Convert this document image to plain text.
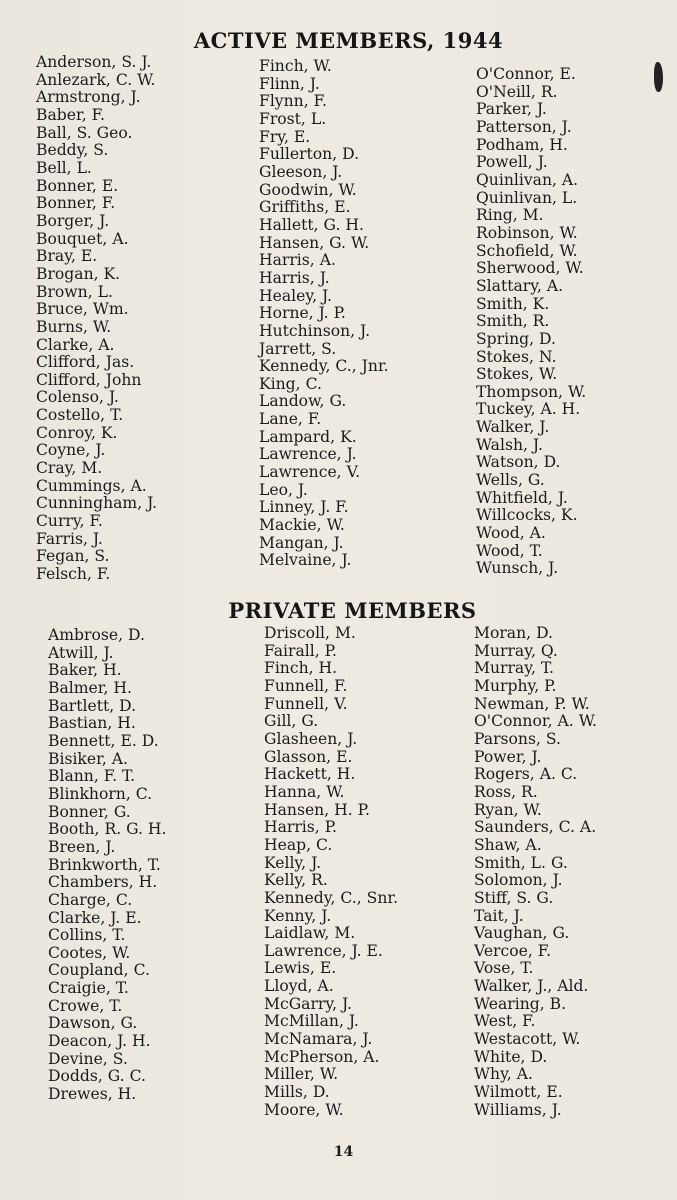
ACTIVE MEMBERS, 1944
Anderson, S. J.
Anlezark, C. W.
Armstrong, J.
Baber, F.
Ball, S. Geo.
Beddy, S.
Bell, L.
Bonner, E.
Bonner, F.
Borger, J.
Bouquet, A.
Bray, E.
Brogan, K.
Brown, L.
Bruce, Wm.
Burns, W.
Clarke, A.
Clifford, Jas.
Clifford, John
Colenso, J.
Costello, T.
Conroy, K.
Coyne, J.
Cray, M.
Cummings, A.
Cunningham, J.
Curry, F.
Farris, J.
Fegan, S.
Felsch, F.
Finch, W.
Flinn, J.
Flynn, F.
Frost, L.
Fry, E.
Fullerton, D.
Gleeson, J.
Goodwin, W.
Griffiths, E.
Hallett, G. H.
Hansen, G. W.
Harris, A.
Harris, J.
Healey, J.
Horne, J. P.
Hutchinson, J.
Jarrett, S.
Kennedy, C., Jnr.
King, C.
Landow, G.
Lane, F.
Lampard, K.
Lawrence, J.
Lawrence, V.
Leo, J.
Linney, J. F.
Mackie, W.
Mangan, J.
Melvaine, J.
O'Connor, E.
O'Neill, R.
Parker, J.
Patterson, J.
Podham, H.
Powell, J.
Quinlivan, A.
Quinlivan, L.
Ring, M.
Robinson, W.
Schofield, W.
Sherwood, W.
Slattary, A.
Smith, K.
Smith, R.
Spring, D.
Stokes, N.
Stokes, W.
Thompson, W.
Tuckey, A. H.
Walker, J.
Walsh, J.
Watson, D.
Wells, G.
Whitfield, J.
Willcocks, K.
Wood, A.
Wood, T.
Wunsch, J.
PRIVATE MEMBERS
Ambrose, D.
Atwill, J.
Baker, H.
Balmer, H.
Bartlett, D.
Bastian, H.
Bennett, E. D.
Bisiker, A.
Blann, F. T.
Blinkhorn, C.
Bonner, G.
Booth, R. G. H.
Breen, J.
Brinkworth, T.
Chambers, H.
Charge, C.
Clarke, J. E.
Collins, T.
Cootes, W.
Coupland, C.
Craigie, T.
Crowe, T.
Dawson, G.
Deacon, J. H.
Devine, S.
Dodds, G. C.
Drewes, H.
Driscoll, M.
Fairall, P.
Finch, H.
Funnell, F.
Funnell, V.
Gill, G.
Glasheen, J.
Glasson, E.
Hackett, H.
Hanna, W.
Hansen, H. P.
Harris, P.
Heap, C.
Kelly, J.
Kelly, R.
Kennedy, C., Snr.
Kenny, J.
Laidlaw, M.
Lawrence, J. E.
Lewis, E.
Lloyd, A.
McGarry, J.
McMillan, J.
McNamara, J.
McPherson, A.
Miller, W.
Mills, D.
Moore, W.
Moran, D.
Murray, Q.
Murray, T.
Murphy, P.
Newman, P. W.
O'Connor, A. W.
Parsons, S.
Power, J.
Rogers, A. C.
Ross, R.
Ryan, W.
Saunders, C. A.
Shaw, A.
Smith, L. G.
Solomon, J.
Stiff, S. G.
Tait, J.
Vaughan, G.
Vercoe, F.
Vose, T.
Walker, J., Ald.
Wearing, B.
West, F.
Westacott, W.
White, D.
Why, A.
Wilmott, E.
Williams, J.
14
